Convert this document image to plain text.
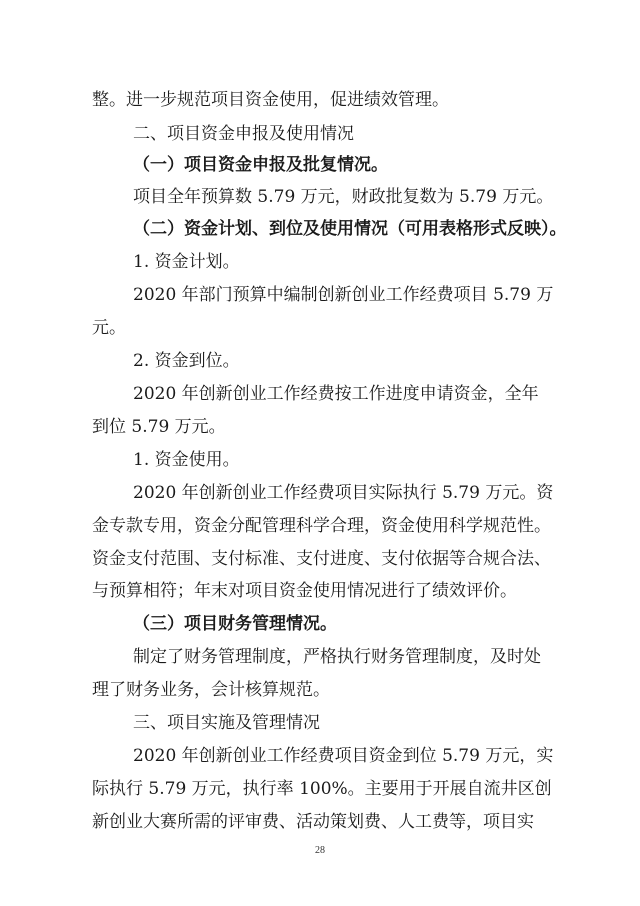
整。进一步规范项目资金使用，促进绩效管理。
二、项目资金申报及使用情况
（一）项目资金申报及批复情况。
项目全年预算数 5.79 万元，财政批复数为 5.79 万元。
（二）资金计划、到位及使用情况（可用表格形式反映）。
1. 资金计划。
2020 年部门预算中编制创新创业工作经费项目 5.79 万
元。
2. 资金到位。
2020 年创新创业工作经费按工作进度申请资金，全年
到位 5.79 万元。
1. 资金使用。
2020 年创新创业工作经费项目实际执行 5.79 万元。资
金专款专用，资金分配管理科学合理，资金使用科学规范性。
资金支付范围、支付标准、支付进度、支付依据等合规合法、
与预算相符；年末对项目资金使用情况进行了绩效评价。
（三）项目财务管理情况。
制定了财务管理制度，严格执行财务管理制度，及时处
理了财务业务，会计核算规范。
三、项目实施及管理情况
2020 年创新创业工作经费项目资金到位 5.79 万元，实
际执行 5.79 万元，执行率 100%。主要用于开展自流井区创
新创业大赛所需的评审费、活动策划费、人工费等，项目实
28
